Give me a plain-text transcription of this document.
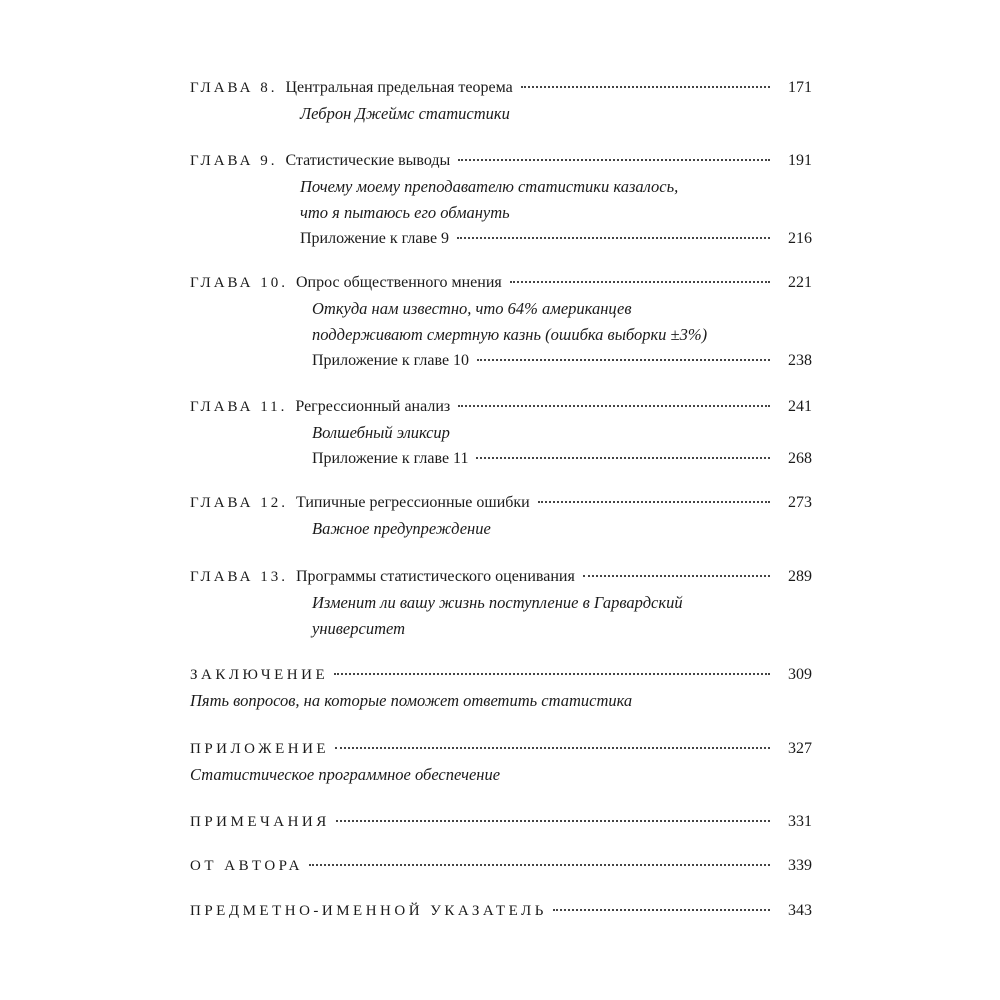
ГЛАВА 8. Центральная предельная теорема	171
Леброн Джеймс статистики
ГЛАВА 9. Статистические выводы	191
Почему моему преподавателю статистики казалось,
что я пытаюсь его обмануть
Приложение к главе 9	216
ГЛАВА 10. Опрос общественного мнения	221
Откуда нам известно, что 64% американцев
поддерживают смертную казнь (ошибка выборки ±3%)
Приложение к главе 10	238
ГЛАВА 11. Регрессионный анализ	241
Волшебный эликсир
Приложение к главе 11	268
ГЛАВА 12. Типичные регрессионные ошибки	273
Важное предупреждение
ГЛАВА 13. Программы статистического оценивания	289
Изменит ли вашу жизнь поступление в Гарвардский
университет
ЗАКЛЮЧЕНИЕ	309
Пять вопросов, на которые поможет ответить статистика
ПРИЛОЖЕНИЕ	327
Статистическое программное обеспечение
ПРИМЕЧАНИЯ	331
ОТ АВТОРА	339
ПРЕДМЕТНО-ИМЕННОЙ УКАЗАТЕЛЬ	343
